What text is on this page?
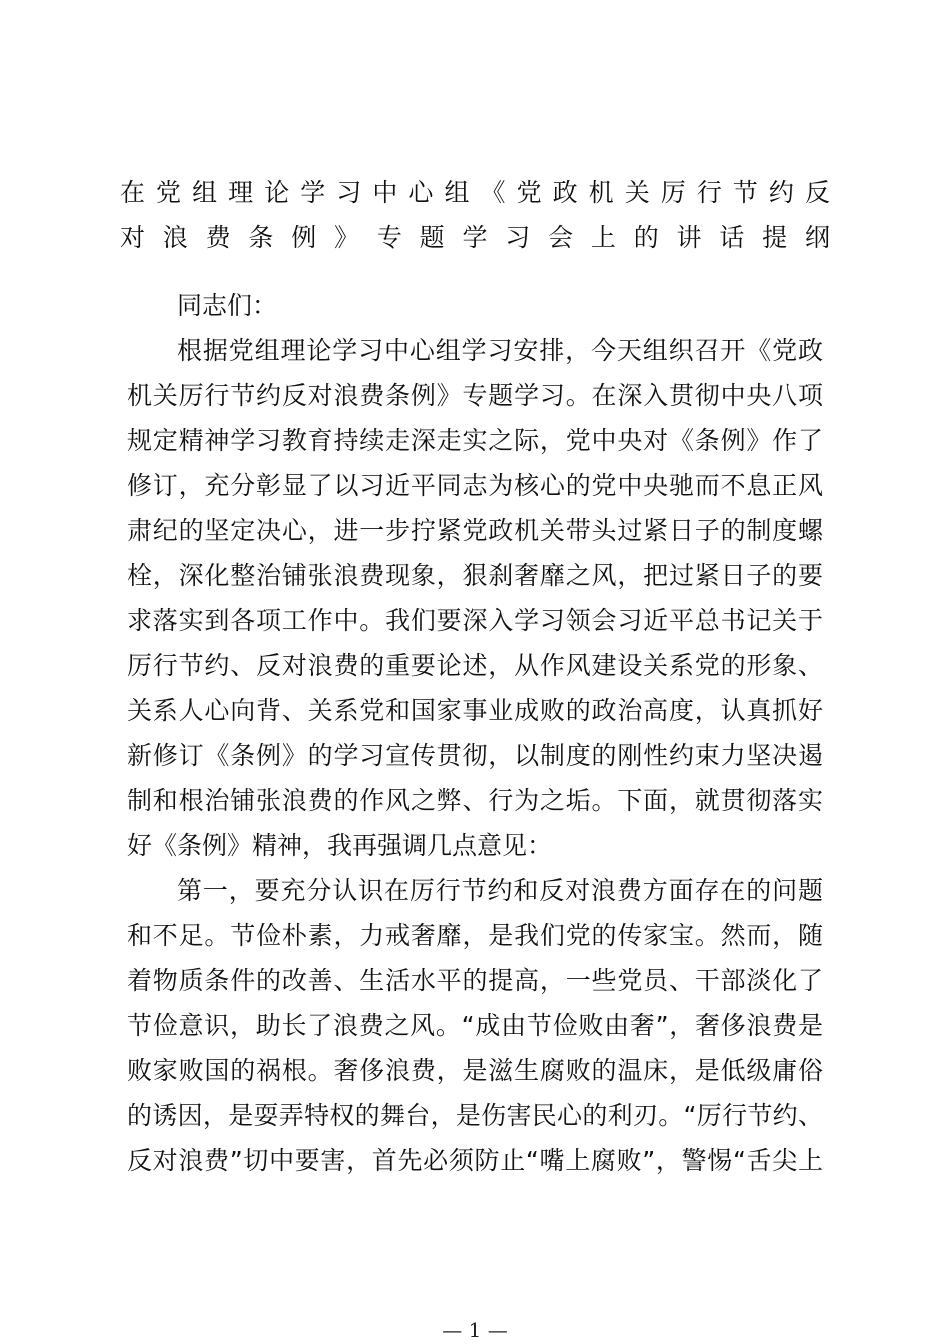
在党组理论学习中心组《党政机关厉行节约反
对浪费条例》专题学习会上的讲话提纲
同志们：
根据党组理论学习中心组学习安排，今天组织召开《党政
机关厉行节约反对浪费条例》专题学习。在深入贯彻中央八项
规定精神学习教育持续走深走实之际，党中央对《条例》作了
修订，充分彰显了以习近平同志为核心的党中央驰而不息正风
肃纪的坚定决心，进一步拧紧党政机关带头过紧日子的制度螺
栓，深化整治铺张浪费现象，狠刹奢靡之风，把过紧日子的要
求落实到各项工作中。我们要深入学习领会习近平总书记关于
厉行节约、反对浪费的重要论述，从作风建设关系党的形象、
关系人心向背、关系党和国家事业成败的政治高度，认真抓好
新修订《条例》的学习宣传贯彻，以制度的刚性约束力坚决遏
制和根治铺张浪费的作风之弊、行为之垢。下面，就贯彻落实
好《条例》精神，我再强调几点意见：
第一，要充分认识在厉行节约和反对浪费方面存在的问题
和不足。节俭朴素，力戒奢靡，是我们党的传家宝。然而，随
着物质条件的改善、生活水平的提高，一些党员、干部淡化了
节俭意识，助长了浪费之风。“成由节俭败由奢”，奢侈浪费是
败家败国的祸根。奢侈浪费，是滋生腐败的温床，是低级庸俗
的诱因，是耍弄特权的舞台，是伤害民心的利刃。“厉行节约、
反对浪费”切中要害，首先必须防止“嘴上腐败”，警惕“舌尖上
— 1 —
